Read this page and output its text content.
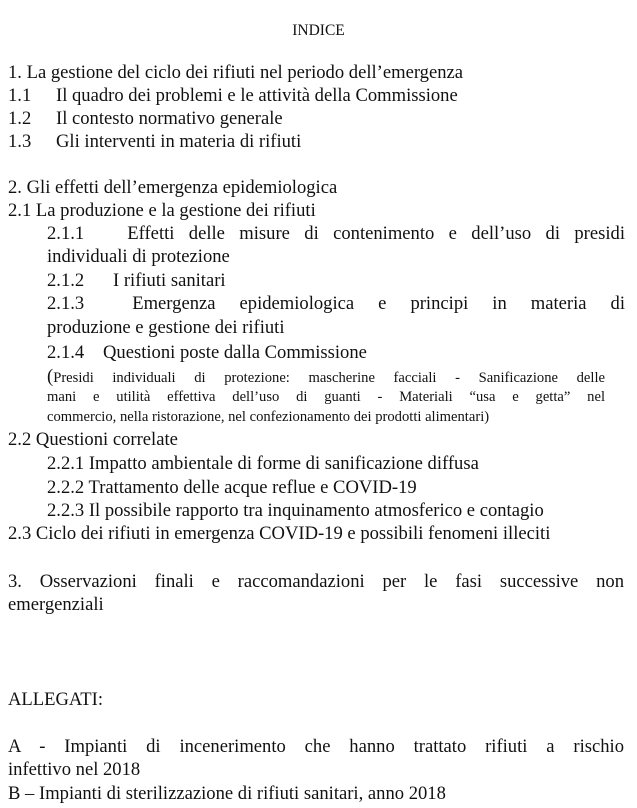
INDICE
1. La gestione del ciclo dei rifiuti nel periodo dell’emergenza
1.1 Il quadro dei problemi e le attività della Commissione
1.2 Il contesto normativo generale
1.3 Gli interventi in materia di rifiuti
2. Gli effetti dell’emergenza epidemiologica
2.1 La produzione e la gestione dei rifiuti
2.1.1 Effetti delle misure di contenimento e dell’uso di presidi
individuali di protezione
2.1.2 I rifiuti sanitari
2.1.3	Emergenza epidemiologica e principi in materia di
produzione e gestione dei rifiuti
2.1.4 Questioni poste dalla Commissione
(Presidi individuali di protezione: mascherine facciali - Sanificazione delle
mani e utilità effettiva dell’uso di guanti - Materiali “usa e getta” nel
commercio, nella ristorazione, nel confezionamento dei prodotti alimentari)
2.2 Questioni correlate
2.2.1 Impatto ambientale di forme di sanificazione diffusa
2.2.2 Trattamento delle acque reflue e COVID-19
2.2.3 Il possibile rapporto tra inquinamento atmosferico e contagio
2.3 Ciclo dei rifiuti in emergenza COVID-19 e possibili fenomeni illeciti
3. Osservazioni finali e raccomandazioni per le fasi successive non
emergenziali
ALLEGATI:
A - Impianti di incenerimento che hanno trattato rifiuti a rischio
infettivo nel 2018
B – Impianti di sterilizzazione di rifiuti sanitari, anno 2018
